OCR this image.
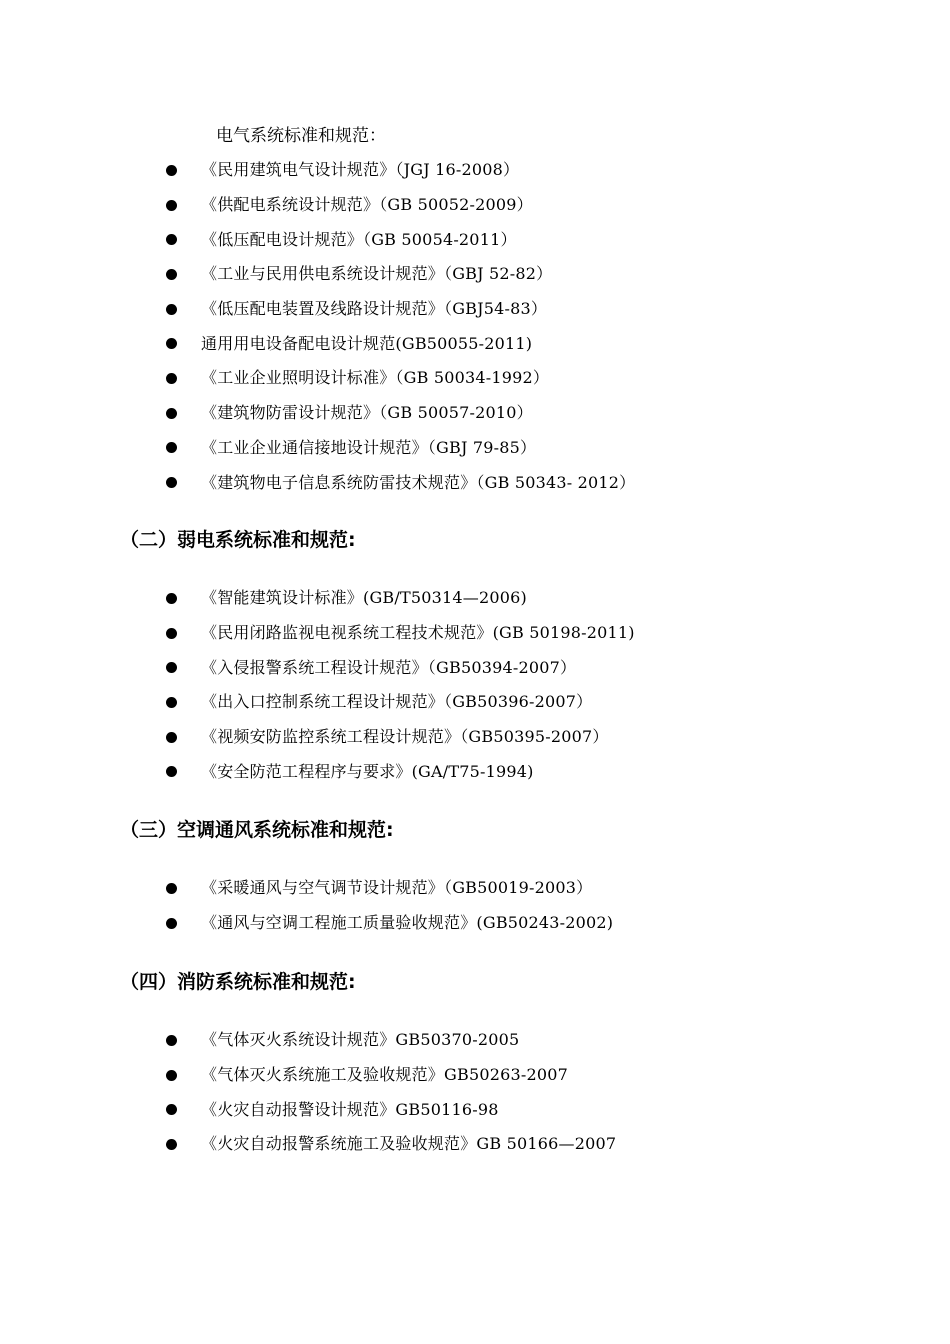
电气系统标准和规范：
《民用建筑电气设计规范》（JGJ 16-2008）
《供配电系统设计规范》（GB 50052-2009）
《低压配电设计规范》（GB 50054-2011）
《工业与民用供电系统设计规范》（GBJ 52-82）
《低压配电装置及线路设计规范》（GBJ54-83）
通用用电设备配电设计规范(GB50055-2011)
《工业企业照明设计标准》（GB 50034-1992）
《建筑物防雷设计规范》（GB 50057-2010）
《工业企业通信接地设计规范》（GBJ 79-85）
《建筑物电子信息系统防雷技术规范》（GB 50343- 2012）
（二）弱电系统标准和规范:
《智能建筑设计标准》(GB/T50314—2006)
《民用闭路监视电视系统工程技术规范》(GB 50198-2011)
《入侵报警系统工程设计规范》（GB50394-2007）
《出入口控制系统工程设计规范》（GB50396-2007）
《视频安防监控系统工程设计规范》（GB50395-2007）
《安全防范工程程序与要求》(GA/T75-1994)
（三）空调通风系统标准和规范:
《采暖通风与空气调节设计规范》（GB50019-2003）
《通风与空调工程施工质量验收规范》(GB50243-2002)
（四）消防系统标准和规范:
《气体灭火系统设计规范》GB50370-2005
《气体灭火系统施工及验收规范》GB50263-2007
《火灾自动报警设计规范》GB50116-98
《火灾自动报警系统施工及验收规范》GB 50166—2007
